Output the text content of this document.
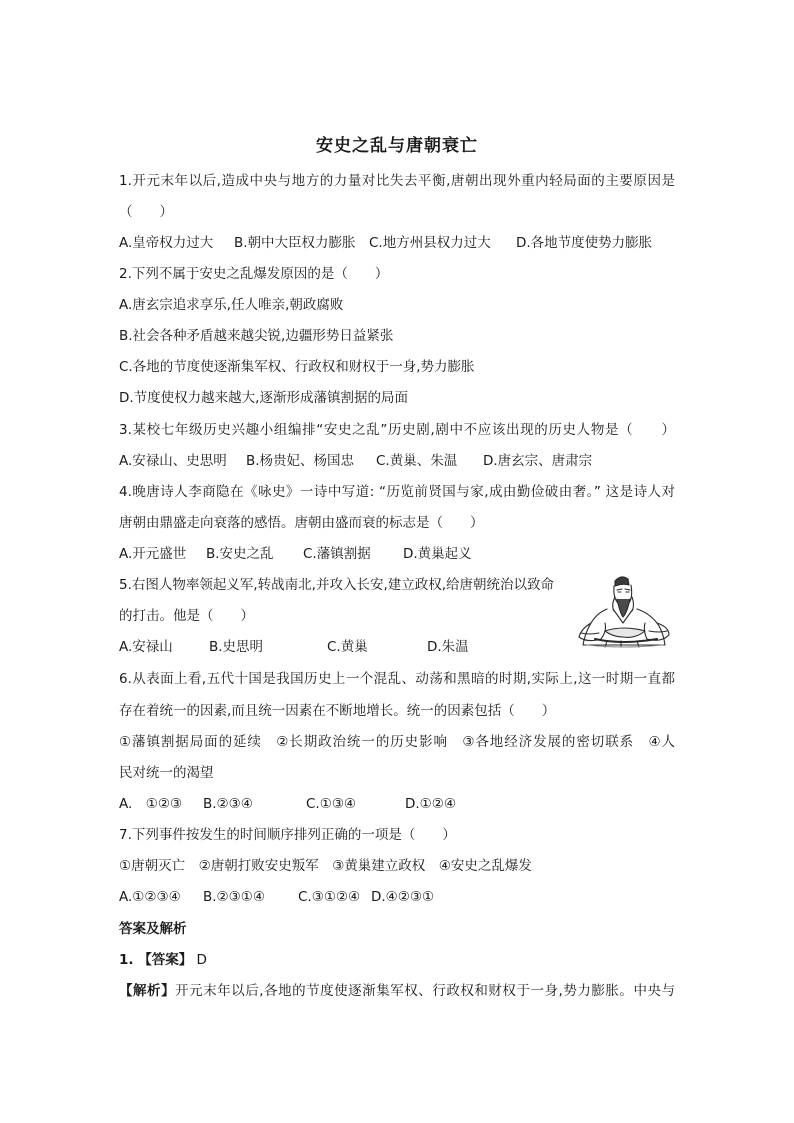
安史之乱与唐朝衰亡
1.开元末年以后,造成中央与地方的力量对比失去平衡,唐朝出现外重内轻局面的主要原因是
（　　）
A.皇帝权力过大 B.朝中大臣权力膨胀 C.地方州县权力过大 D.各地节度使势力膨胀
2.下列不属于安史之乱爆发原因的是（　　）
A.唐玄宗追求享乐,任人唯亲,朝政腐败
B.社会各种矛盾越来越尖锐,边疆形势日益紧张
C.各地的节度使逐渐集军权、行政权和财权于一身,势力膨胀
D.节度使权力越来越大,逐渐形成藩镇割据的局面
3.某校七年级历史兴趣小组编排“安史之乱”历史剧,剧中不应该出现的历史人物是（　　）
A.安禄山、史思明 B.杨贵妃、杨国忠 C.黄巢、朱温 D.唐玄宗、唐肃宗
4.晚唐诗人李商隐在《咏史》一诗中写道: “历览前贤国与家,成由勤俭破由奢。” 这是诗人对
唐朝由鼎盛走向衰落的感悟。唐朝由盛而衰的标志是（　　）
A.开元盛世 B.安史之乱 C.藩镇割据 D.黄巢起义
5.右图人物率领起义军,转战南北,并攻入长安,建立政权,给唐朝统治以致命
的打击。他是（　　）
A.安禄山	B.史思明	C.黄巢	D.朱温
6.从表面上看,五代十国是我国历史上一个混乱、动荡和黑暗的时期,实际上,这一时期一直都
存在着统一的因素,而且统一因素在不断地增长。统一的因素包括（　　）
①藩镇割据局面的延续　②长期政治统一的历史影响　③各地经济发展的密切联系　④人
民对统一的渴望
A.　①②③ B.②③④	C.①③④	D.①②④
7.下列事件按发生的时间顺序排列正确的一项是（　　）
①唐朝灭亡　②唐朝打败安史叛军　③黄巢建立政权　④安史之乱爆发
A.①②③④ B.②③①④ C.③①②④ D.④②③①
答案及解析
1. 【答案】 D
【解析】开元末年以后,各地的节度使逐渐集军权、行政权和财权于一身,势力膨胀。中央与
